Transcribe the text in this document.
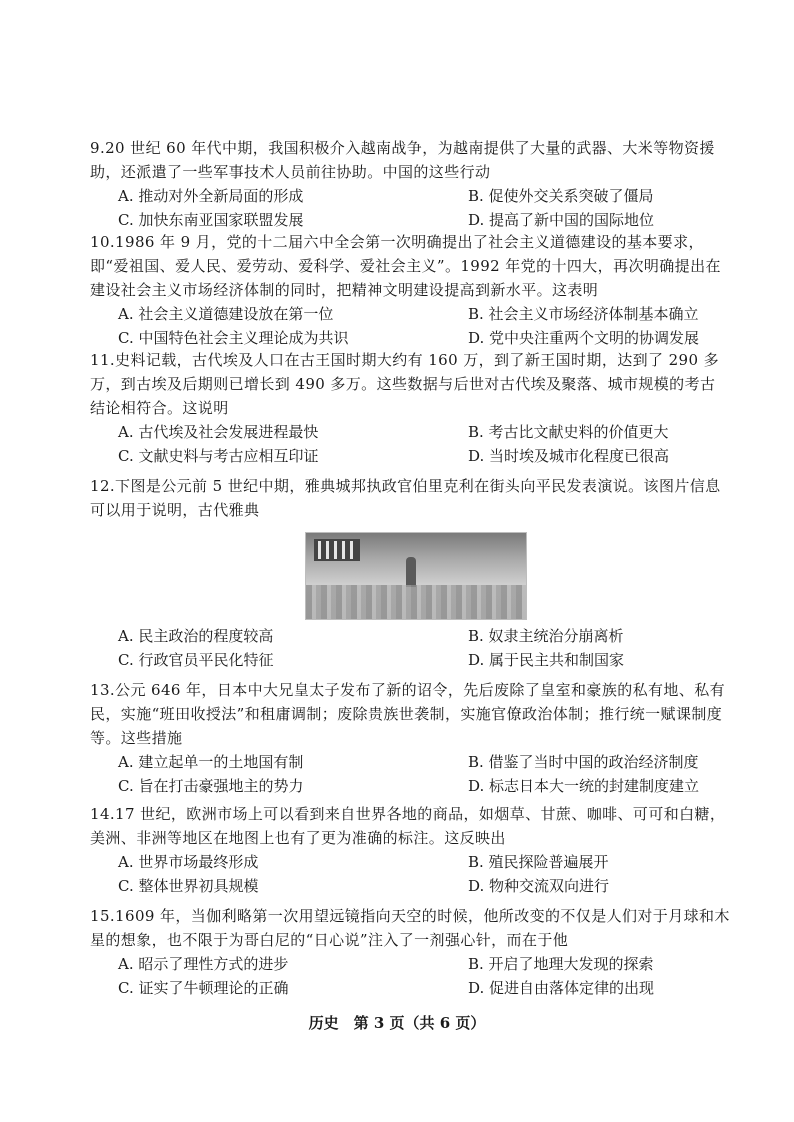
9.20 世纪 60 年代中期，我国积极介入越南战争，为越南提供了大量的武器、大米等物资援助，还派遣了一些军事技术人员前往协助。中国的这些行动

A. 推动对外全新局面的形成	B. 促使外交关系突破了僵局
C. 加快东南亚国家联盟发展	D. 提高了新中国的国际地位

10.1986 年 9 月，党的十二届六中全会第一次明确提出了社会主义道德建设的基本要求，即“爱祖国、爱人民、爱劳动、爱科学、爱社会主义”。1992 年党的十四大，再次明确提出在建设社会主义市场经济体制的同时，把精神文明建设提高到新水平。这表明

A. 社会主义道德建设放在第一位	B. 社会主义市场经济体制基本确立
C. 中国特色社会主义理论成为共识	D. 党中央注重两个文明的协调发展

11.史料记载，古代埃及人口在古王国时期大约有 160 万，到了新王国时期，达到了 290 多万，到古埃及后期则已增长到 490 多万。这些数据与后世对古代埃及聚落、城市规模的考古结论相符合。这说明

A. 古代埃及社会发展进程最快	B. 考古比文献史料的价值更大
C. 文献史料与考古应相互印证	D. 当时埃及城市化程度已很高

12.下图是公元前 5 世纪中期，雅典城邦执政官伯里克利在街头向平民发表演说。该图片信息可以用于说明，古代雅典

A. 民主政治的程度较高	B. 奴隶主统治分崩离析
C. 行政官员平民化特征	D. 属于民主共和制国家

13.公元 646 年，日本中大兄皇太子发布了新的诏令，先后废除了皇室和豪族的私有地、私有民，实施“班田收授法”和租庸调制；废除贵族世袭制，实施官僚政治体制；推行统一赋课制度等。这些措施

A. 建立起单一的土地国有制	B. 借鉴了当时中国的政治经济制度
C. 旨在打击豪强地主的势力	D. 标志日本大一统的封建制度建立

14.17 世纪，欧洲市场上可以看到来自世界各地的商品，如烟草、甘蔗、咖啡、可可和白糖，美洲、非洲等地区在地图上也有了更为准确的标注。这反映出

A. 世界市场最终形成	B. 殖民探险普遍展开
C. 整体世界初具规模	D. 物种交流双向进行

15.1609 年，当伽利略第一次用望远镜指向天空的时候，他所改变的不仅是人们对于月球和木星的想象，也不限于为哥白尼的“日心说”注入了一剂强心针，而在于他

A. 昭示了理性方式的进步	B. 开启了地理大发现的探索
C. 证实了牛顿理论的正确	D. 促进自由落体定律的出现
历史　第 3 页（共 6 页）
